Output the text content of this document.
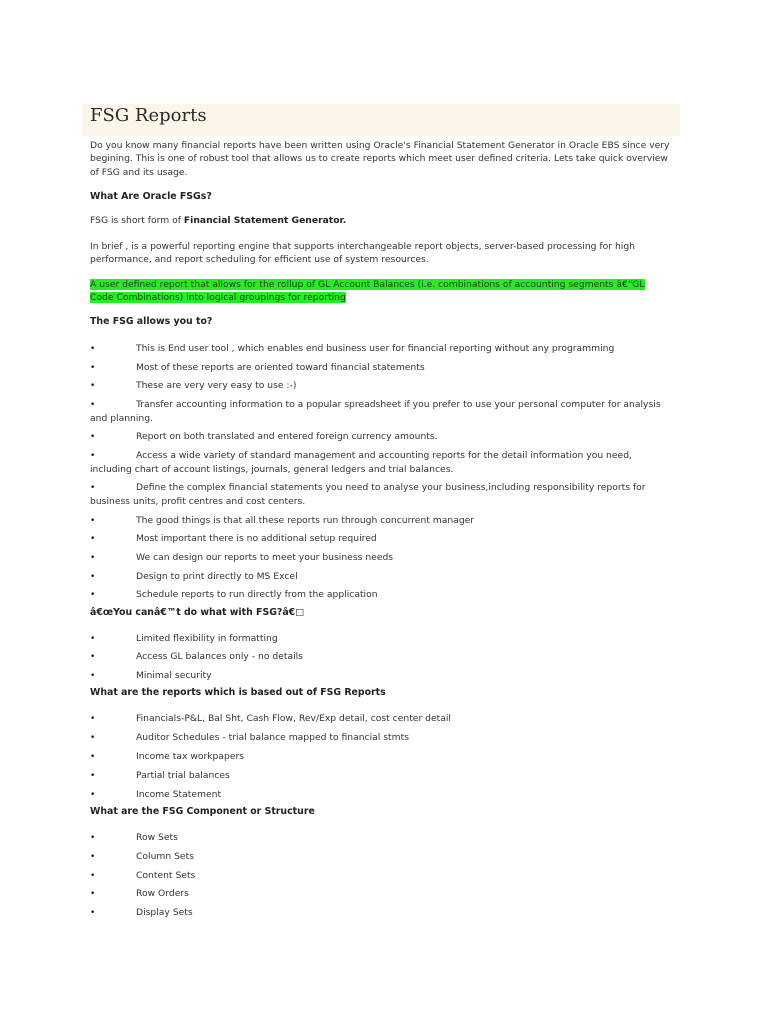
FSG Reports

Do you know many financial reports have been written using Oracle's Financial Statement Generator in Oracle EBS since very begining. This is one of robust tool that allows us to create reports which meet user defined criteria. Lets take quick overview of FSG and its usage.

What Are Oracle FSGs?

FSG is short form of Financial Statement Generator.

In brief , is a powerful reporting engine that supports interchangeable report objects, server-based processing for high performance, and report scheduling for efficient use of system resources.

A user defined report that allows for the rollup of GL Account Balances (i.e. combinations of accounting segments â€“GL Code Combinations) into logical groupings for reporting

The FSG allows you to?

•	This is End user tool , which enables end business user for financial reporting without any programming
•	Most of these reports are oriented toward financial statements
•	These are very very easy to use :-)
•	Transfer accounting information to a popular spreadsheet if you prefer to use your personal computer for analysis and planning.
•	Report on both translated and entered foreign currency amounts.
•	Access a wide variety of standard management and accounting reports for the detail information you need, including chart of account listings, journals, general ledgers and trial balances.
•	Define the complex financial statements you need to analyse your business,including responsibility reports for business units, profit centres and cost centers.
•	The good things is that all these reports run through concurrent manager
•	Most important there is no additional setup required
•	We can design our reports to meet your business needs
•	Design to print directly to MS Excel
•	Schedule reports to run directly from the application

â€œYou canâ€™t do what with FSG?â€□

•	Limited flexibility in formatting
•	Access GL balances only - no details
•	Minimal security

What are the reports which is based out of FSG Reports

•	Financials-P&L, Bal Sht, Cash Flow, Rev/Exp detail, cost center detail
•	Auditor Schedules - trial balance mapped to financial stmts
•	Income tax workpapers
•	Partial trial balances
•	Income Statement

What are the FSG Component or Structure

•	Row Sets
•	Column Sets
•	Content Sets
•	Row Orders
•	Display Sets
